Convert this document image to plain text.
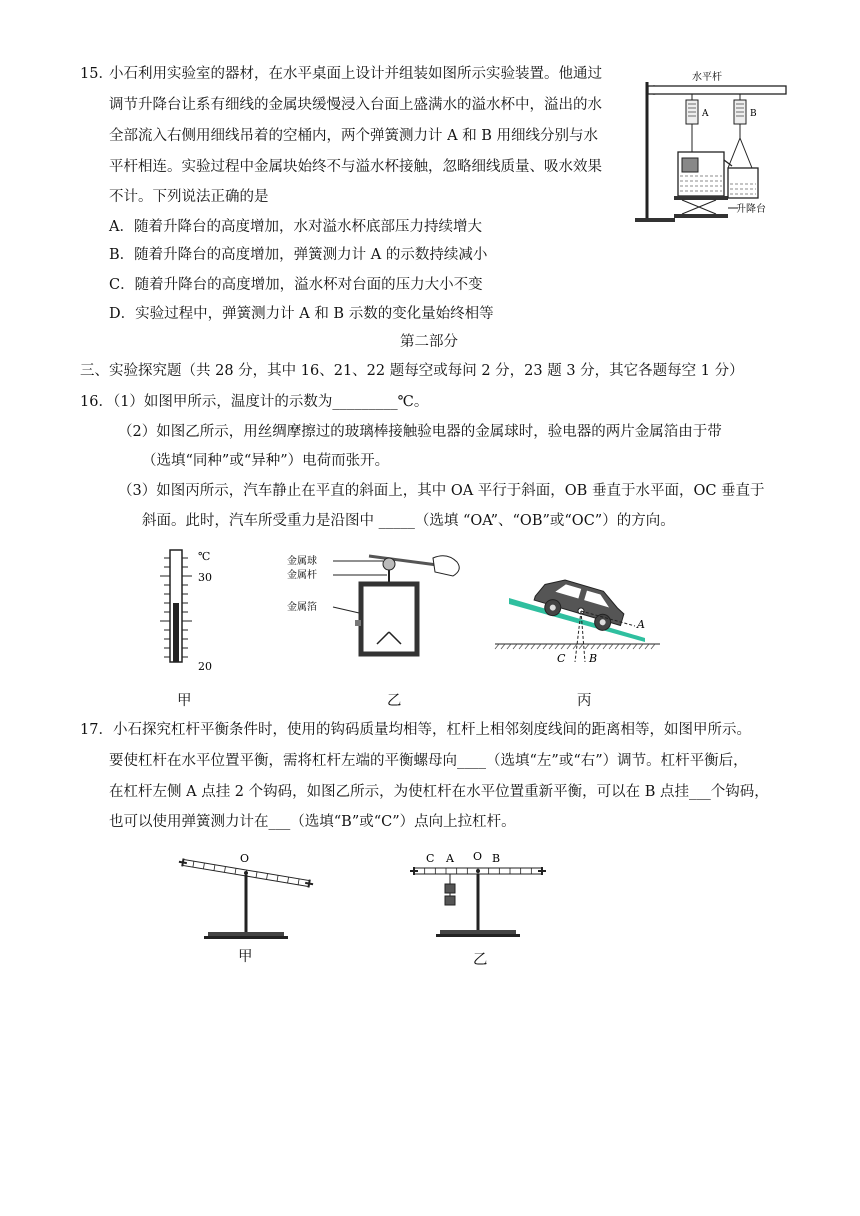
15．
小石利用实验室的器材，在水平桌面上设计并组装如图所示实验装置。他通过
调节升降台让系有细线的金属块缓慢浸入台面上盛满水的溢水杯中，溢出的水
全部流入右侧用细线吊着的空桶内，两个弹簧测力计 A 和 B 用细线分别与水
平杆相连。实验过程中金属块始终不与溢水杯接触，忽略细线质量、吸水效果
不计。下列说法正确的是
A．随着升降台的高度增加，水对溢水杯底部压力持续增大
B．随着升降台的高度增加，弹簧测力计 A 的示数持续减小
C．随着升降台的高度增加，溢水杯对台面的压力大小不变
D．实验过程中，弹簧测力计 A 和 B 示数的变化量始终相等
水平杆
A	B
升降台
第二部分
三、实验探究题（共 28 分，其中 16、21、22 题每空或每问 2 分，23 题 3 分，其它各题每空 1 分）
16．（1）如图甲所示，温度计的示数为_________℃。
（2）如图乙所示，用丝绸摩擦过的玻璃棒接触验电器的金属球时，验电器的两片金属箔由于带
（选填“同种”或“异种”）电荷而张开。
（3）如图丙所示，汽车静止在平直的斜面上，其中 OA 平行于斜面，OB 垂直于水平面，OC 垂直于
斜面。此时，汽车所受重力是沿图中 _____（选填 “OA”、“OB”或“OC”）的方向。
℃
30
20
甲
金属球
金属杆
金属箔
乙
A
B
C
丙
17．小石探究杠杆平衡条件时，使用的钩码质量均相等，杠杆上相邻刻度线间的距离相等，如图甲所示。
要使杠杆在水平位置平衡，需将杠杆左端的平衡螺母向____（选填“左”或“右”）调节。杠杆平衡后，
在杠杆左侧 A 点挂 2 个钩码，如图乙所示，为使杠杆在水平位置重新平衡，可以在 B 点挂___个钩码，
也可以使用弹簧测力计在___（选填“B”或“C”）点向上拉杠杆。
O
甲
C A O B
乙
